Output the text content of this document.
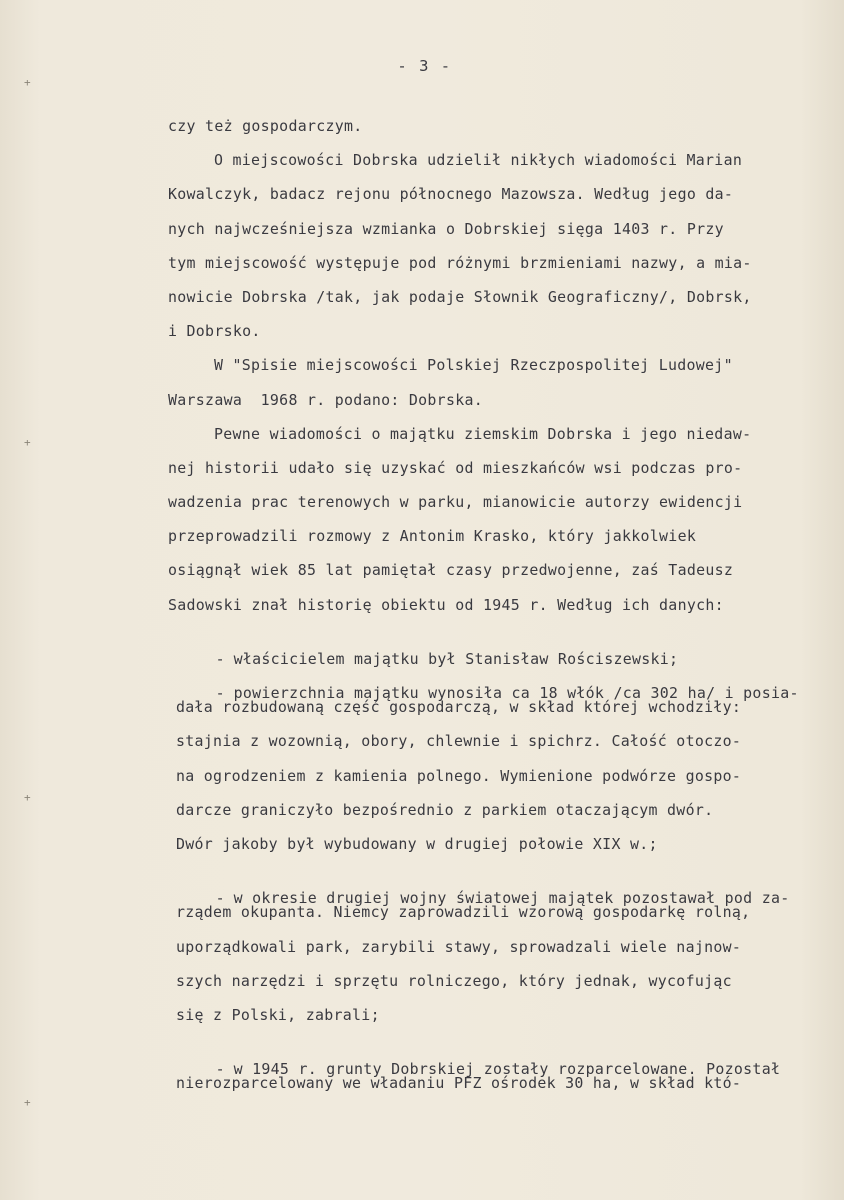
+
+
+
+
- 3 -
czy też gospodarczym.
O miejscowości Dobrska udzielił nikłych wiadomości Marian
Kowalczyk, badacz rejonu północnego Mazowsza. Według jego da-
nych najwcześniejsza wzmianka o Dobrskiej sięga 1403 r. Przy
tym miejscowość występuje pod różnymi brzmieniami nazwy, a mia-
nowicie Dobrska /tak, jak podaje Słownik Geograficzny/, Dobrsk,
i Dobrsko.
W "Spisie miejscowości Polskiej Rzeczpospolitej Ludowej"
Warszawa  1968 r. podano: Dobrska.
Pewne wiadomości o majątku ziemskim Dobrska i jego niedaw-
nej historii udało się uzyskać od mieszkańców wsi podczas pro-
wadzenia prac terenowych w parku, mianowicie autorzy ewidencji
przeprowadzili rozmowy z Antonim Krasko, który jakkolwiek
osiągnął wiek 85 lat pamiętał czasy przedwojenne, zaś Tadeusz
Sadowski znał historię obiektu od 1945 r. Według ich danych:

- właścicielem majątku był Stanisław Rościszewski;

- powierzchnia majątku wynosiła ca 18 włók /ca 302 ha/ i posia-

dała rozbudowaną część gospodarczą, w skład której wchodziły:
stajnia z wozownią, obory, chlewnie i spichrz. Całość otoczo-
na ogrodzeniem z kamienia polnego. Wymienione podwórze gospo-
darcze graniczyło bezpośrednio z parkiem otaczającym dwór.
Dwór jakoby był wybudowany w drugiej połowie XIX w.;

- w okresie drugiej wojny światowej majątek pozostawał pod za-

rządem okupanta. Niemcy zaprowadzili wzorową gospodarkę rolną,
uporządkowali park, zarybili stawy, sprowadzali wiele najnow-
szych narzędzi i sprzętu rolniczego, który jednak, wycofując
się z Polski, zabrali;

- w 1945 r. grunty Dobrskiej zostały rozparcelowane. Pozostał

nierozparcelowany we władaniu PFZ ośrodek 30 ha, w skład któ-
